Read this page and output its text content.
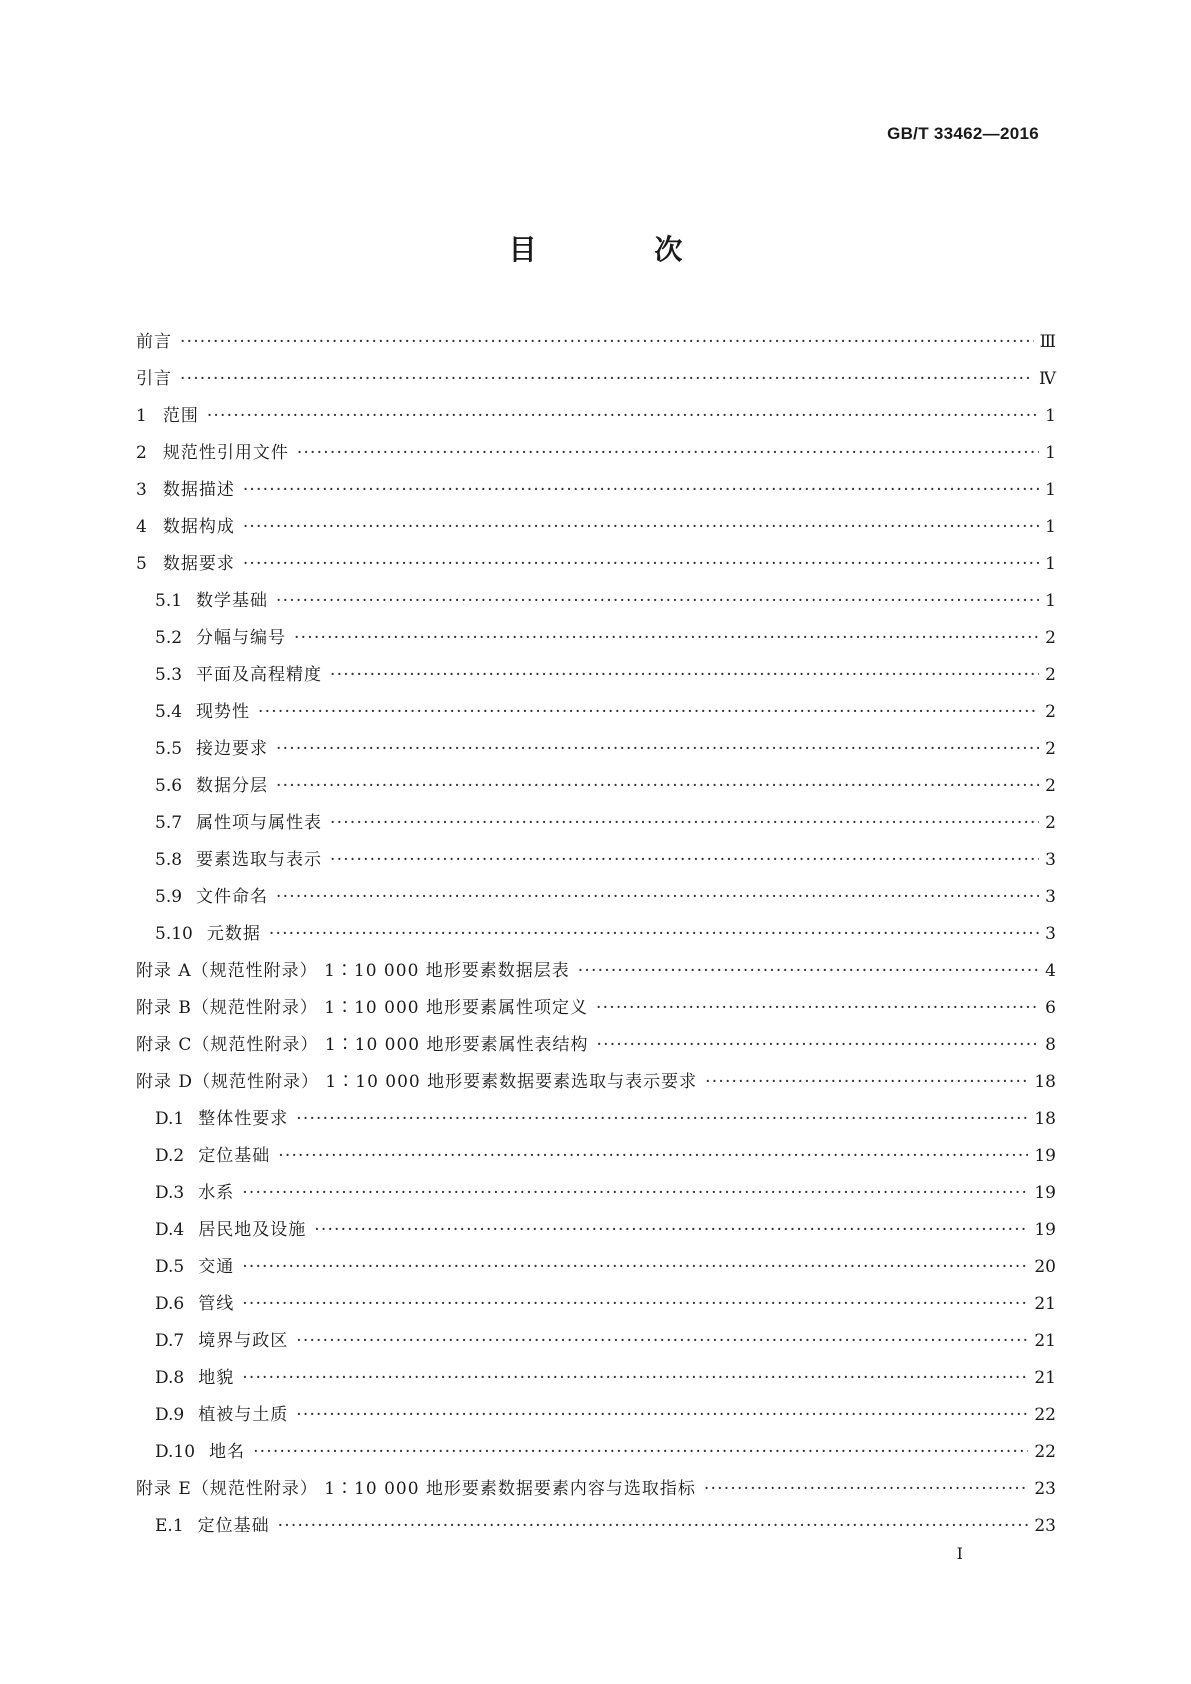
GB/T 33462—2016
目 次
前言 ·····	Ⅲ
引言 ·····	Ⅳ
1 范围 ·····	1
2 规范性引用文件 ·····	1
3 数据描述 ·····	1
4 数据构成 ·····	1
5 数据要求 ·····	1
5.1 数学基础 ·····	1
5.2 分幅与编号 ·····	2
5.3 平面及高程精度 ·····	2
5.4 现势性 ·····	2
5.5 接边要求 ·····	2
5.6 数据分层 ·····	2
5.7 属性项与属性表 ·····	2
5.8 要素选取与表示 ·····	3
5.9 文件命名 ·····	3
5.10 元数据 ·····	3
附录 A（规范性附录） 1∶10 000 地形要素数据层表 ·····	4
附录 B（规范性附录） 1∶10 000 地形要素属性项定义 ·····	6
附录 C（规范性附录） 1∶10 000 地形要素属性表结构 ·····	8
附录 D（规范性附录） 1∶10 000 地形要素数据要素选取与表示要求 ·····	18
D.1 整体性要求 ·····	18
D.2 定位基础 ·····	19
D.3 水系 ·····	19
D.4 居民地及设施 ·····	19
D.5 交通 ·····	20
D.6 管线 ·····	21
D.7 境界与政区 ·····	21
D.8 地貌 ·····	21
D.9 植被与土质 ·····	22
D.10 地名 ·····	22
附录 E（规范性附录） 1∶10 000 地形要素数据要素内容与选取指标 ·····	23
E.1 定位基础 ·····	23
Ⅰ
